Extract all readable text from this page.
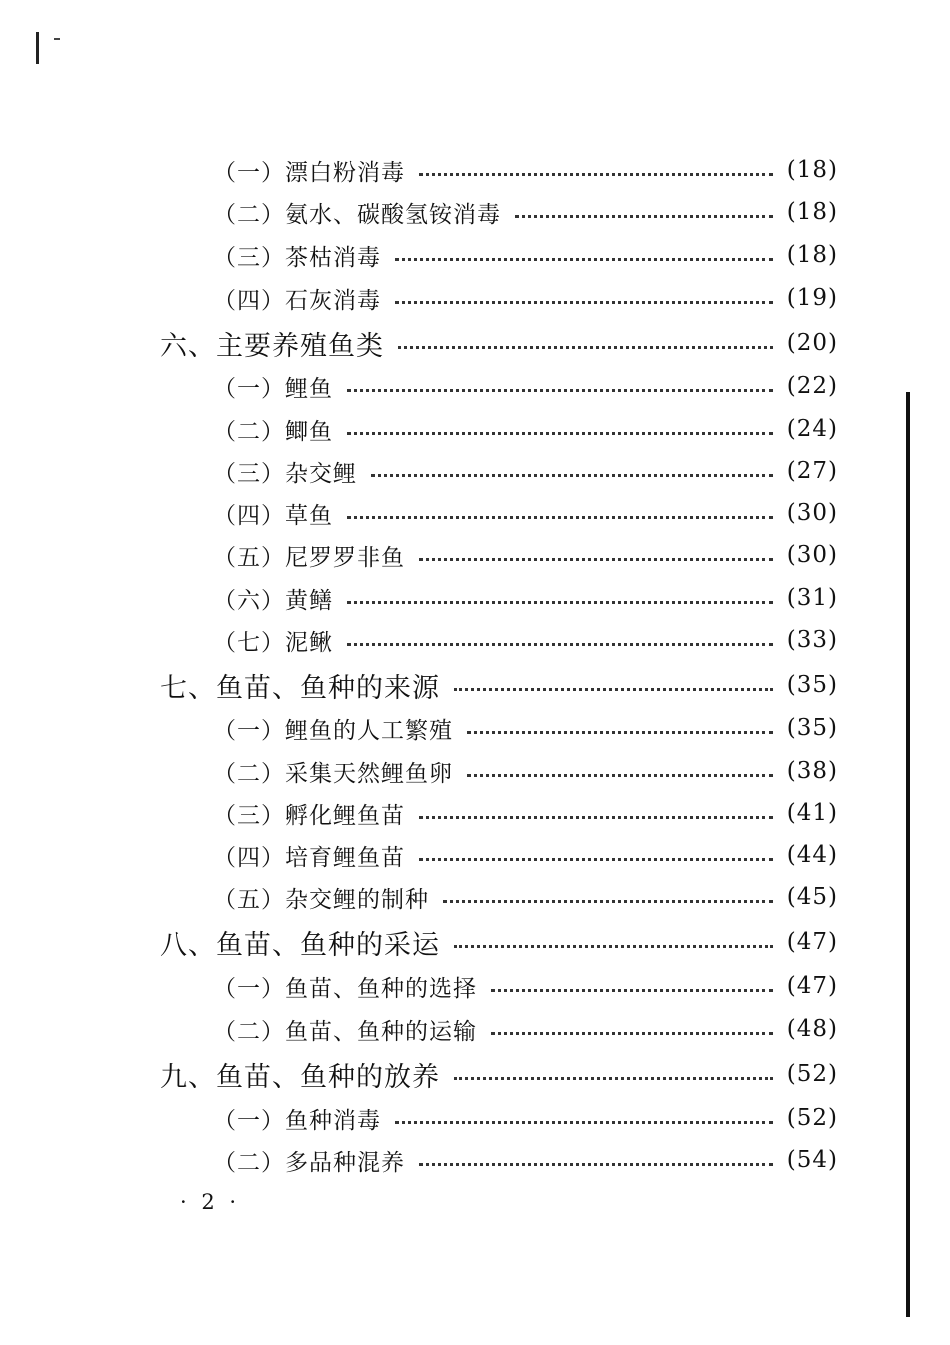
（一）漂白粉消毒	(18)
（二）氨水、碳酸氢铵消毒	(18)
（三）茶枯消毒	(18)
（四）石灰消毒	(19)
六、主要养殖鱼类	(20)
（一）鲤鱼	(22)
（二）鲫鱼	(24)
（三）杂交鲤	(27)
（四）草鱼	(30)
（五）尼罗罗非鱼	(30)
（六）黄鳝	(31)
（七）泥鳅	(33)
七、鱼苗、鱼种的来源	(35)
（一）鲤鱼的人工繁殖	(35)
（二）采集天然鲤鱼卵	(38)
（三）孵化鲤鱼苗	(41)
（四）培育鲤鱼苗	(44)
（五）杂交鲤的制种	(45)
八、鱼苗、鱼种的采运	(47)
（一）鱼苗、鱼种的选择	(47)
（二）鱼苗、鱼种的运输	(48)
九、鱼苗、鱼种的放养	(52)
（一）鱼种消毒	(52)
（二）多品种混养	(54)
· 2 ·
